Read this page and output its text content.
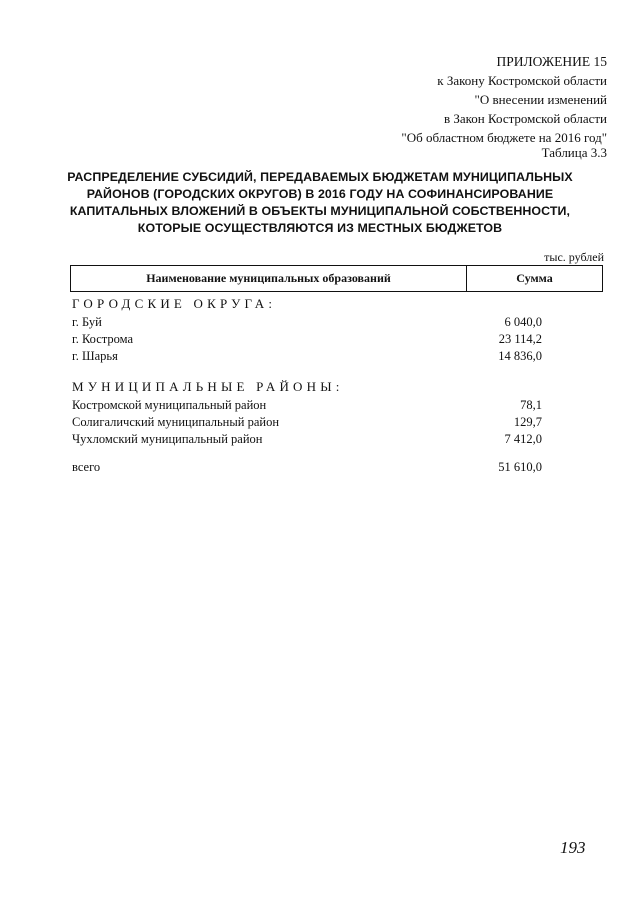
ПРИЛОЖЕНИЕ 15
к Закону Костромской области
"О внесении изменений
в Закон Костромской области
"Об областном бюджете на 2016 год"
Таблица 3.3
РАСПРЕДЕЛЕНИЕ СУБСИДИЙ, ПЕРЕДАВАЕМЫХ БЮДЖЕТАМ МУНИЦИПАЛЬНЫХ
РАЙОНОВ (ГОРОДСКИХ ОКРУГОВ) В 2016 ГОДУ НА СОФИНАНСИРОВАНИЕ
КАПИТАЛЬНЫХ ВЛОЖЕНИЙ В ОБЪЕКТЫ МУНИЦИПАЛЬНОЙ СОБСТВЕННОСТИ,
КОТОРЫЕ ОСУЩЕСТВЛЯЮТСЯ ИЗ МЕСТНЫХ БЮДЖЕТОВ
тыс. рублей
Наименование муниципальных образований	Сумма
ГОРОДСКИЕ ОКРУГА:
г. Буй	6 040,0
г. Кострома	23 114,2
г. Шарья	14 836,0
МУНИЦИПАЛЬНЫЕ РАЙОНЫ:
Костромской муниципальный район	78,1
Солигаличский муниципальный район	129,7
Чухломский муниципальный район	7 412,0
всего	51 610,0
193
